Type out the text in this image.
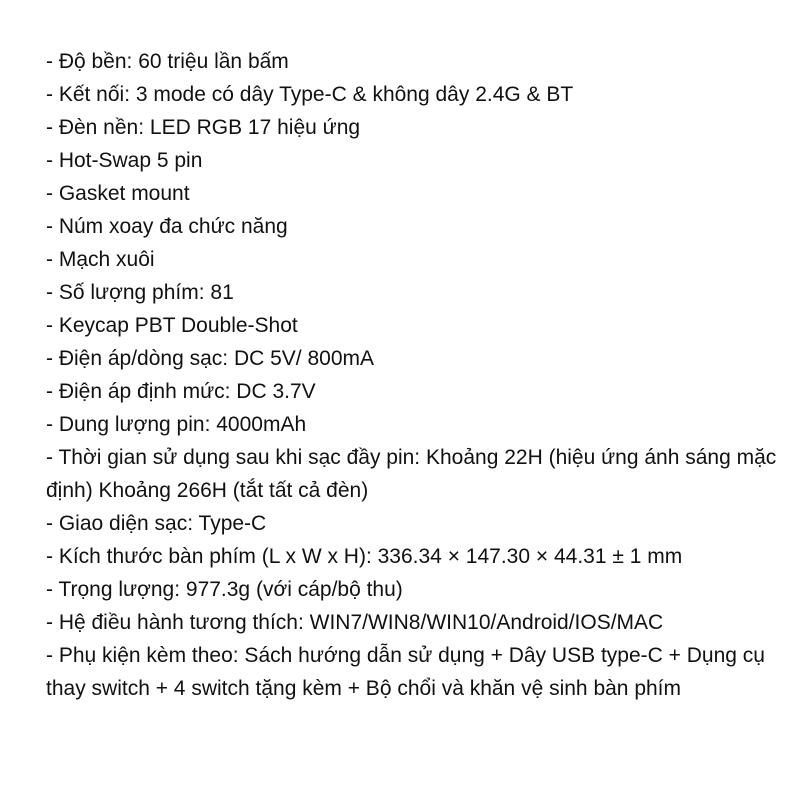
- Độ bền: 60 triệu lần bấm
- Kết nối: 3 mode có dây Type-C & không dây 2.4G & BT
- Đèn nền: LED RGB 17 hiệu ứng
- Hot-Swap 5 pin
- Gasket mount
- Núm xoay đa chức năng
- Mạch xuôi
- Số lượng phím: 81
- Keycap PBT Double-Shot
- Điện áp/dòng sạc: DC 5V/ 800mA
- Điện áp định mức: DC 3.7V
- Dung lượng pin: 4000mAh
- Thời gian sử dụng sau khi sạc đầy pin: Khoảng 22H (hiệu ứng ánh sáng mặc định) Khoảng 266H (tắt tất cả đèn)
- Giao diện sạc: Type-C
- Kích thước bàn phím (L x W x H): 336.34 × 147.30 × 44.31 ± 1 mm
- Trọng lượng: 977.3g (với cáp/bộ thu)
- Hệ điều hành tương thích: WIN7/WIN8/WIN10/Android/IOS/MAC
- Phụ kiện kèm theo: Sách hướng dẫn sử dụng + Dây USB type-C + Dụng cụ thay switch + 4 switch tặng kèm + Bộ chổi và khăn vệ sinh bàn phím
